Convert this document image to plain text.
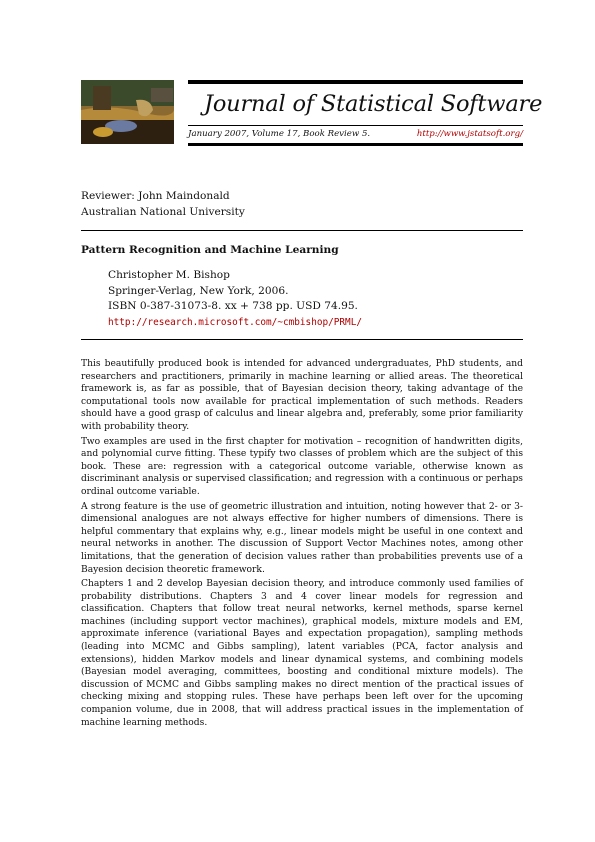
Journal of Statistical Software
January 2007, Volume 17, Book Review 5.	http://www.jstatsoft.org/
Reviewer: John Maindonald
Australian National University
Pattern Recognition and Machine Learning
Christopher M. Bishop
Springer-Verlag, New York, 2006.
ISBN 0-387-31073-8. xx + 738 pp. USD 74.95.
http://research.microsoft.com/~cmbishop/PRML/

This beautifully produced book is intended for advanced undergraduates, PhD students, and researchers and practitioners, primarily in machine learning or allied areas. The theoretical framework is, as far as possible, that of Bayesian decision theory, taking advantage of the computational tools now available for practical implementation of such methods. Readers should have a good grasp of calculus and linear algebra and, preferably, some prior familiarity with probability theory.

Two examples are used in the first chapter for motivation – recognition of handwritten digits, and polynomial curve fitting. These typify two classes of problem which are the subject of this book. These are: regression with a categorical outcome variable, otherwise known as discriminant analysis or supervised classification; and regression with a continuous or perhaps ordinal outcome variable.

A strong feature is the use of geometric illustration and intuition, noting however that 2- or 3-dimensional analogues are not always effective for higher numbers of dimensions. There is helpful commentary that explains why, e.g., linear models might be useful in one context and neural networks in another. The discussion of Support Vector Machines notes, among other limitations, that the generation of decision values rather than probabilities prevents use of a Bayesion decision theoretic framework.

Chapters 1 and 2 develop Bayesian decision theory, and introduce commonly used families of probability distributions. Chapters 3 and 4 cover linear models for regression and classification. Chapters that follow treat neural networks, kernel methods, sparse kernel machines (including support vector machines), graphical models, mixture models and EM, approximate inference (variational Bayes and expectation propagation), sampling methods (leading into MCMC and Gibbs sampling), latent variables (PCA, factor analysis and extensions), hidden Markov models and linear dynamical systems, and combining models (Bayesian model averaging, committees, boosting and conditional mixture models). The discussion of MCMC and Gibbs sampling makes no direct mention of the practical issues of checking mixing and stopping rules. These have perhaps been left over for the upcoming companion volume, due in 2008, that will address practical issues in the implementation of machine learning methods.
